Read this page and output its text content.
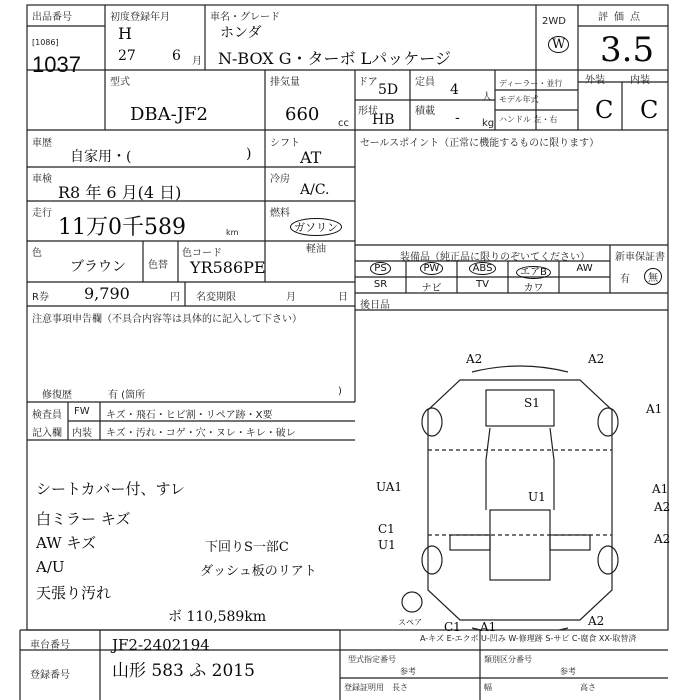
出品番号
[1086]
1037
初度登録年月
H
27	6 月
車名・グレード
ホンダ
N-BOX G・ターボ Lパッケージ
2WD
W
評価点
3.5
型式
DBA-JF2
排気量
660 cc
ドア 5D 定員 4 人
形状
HB
積載 - kg
ディーラー・並行
モデル年式
ハンドル 左・右
外装	内装
C C
車歴
自家用・(	)
シフト
AT
車検
R8 年 6 月(4 日)
冷房
A/C.
走行
11万0千589	km
燃料
ガソリン
軽油
色
ブラウン 色替
色コード
YR586PE
R券 9,790	円 名変期限	月	日
注意事項申告欄（不具合内容等は具体的に記入して下さい）
修復歴	有 (箇所	)
検査員
記入欄
FW キズ・飛石・ヒビ割・リペア跡・X要
内装 キズ・汚れ・コゲ・穴・ヌレ・キレ・破レ
セールスポイント（正常に機能するものに限ります）
装備品（純正品に限りのぞいてください）	新車保証書
有	無
PS	PW	ABS	エアB	AW
SR	ナビ	TV	カワ
後日品
シートカバー付、すレ
白ミラー キズ
AW キズ
A/U
天張り汚れ
下回りS一部C
ダッシュ板のリアト
ボ 110,589km
A2	A2
S1	A1
UA1
U1
A1
A2
C1
U1	A2
C1 A1	A2
スペア
A-キズ E-エクボ U-凹み W-修理跡 S-サビ C-腐食 XX-取替済
車台番号	JF2-2402194
登録番号 山形 583 ふ 2015
型式指定番号
参考
類別区分番号
参考
登録証明用 長さ	幅	高さ
